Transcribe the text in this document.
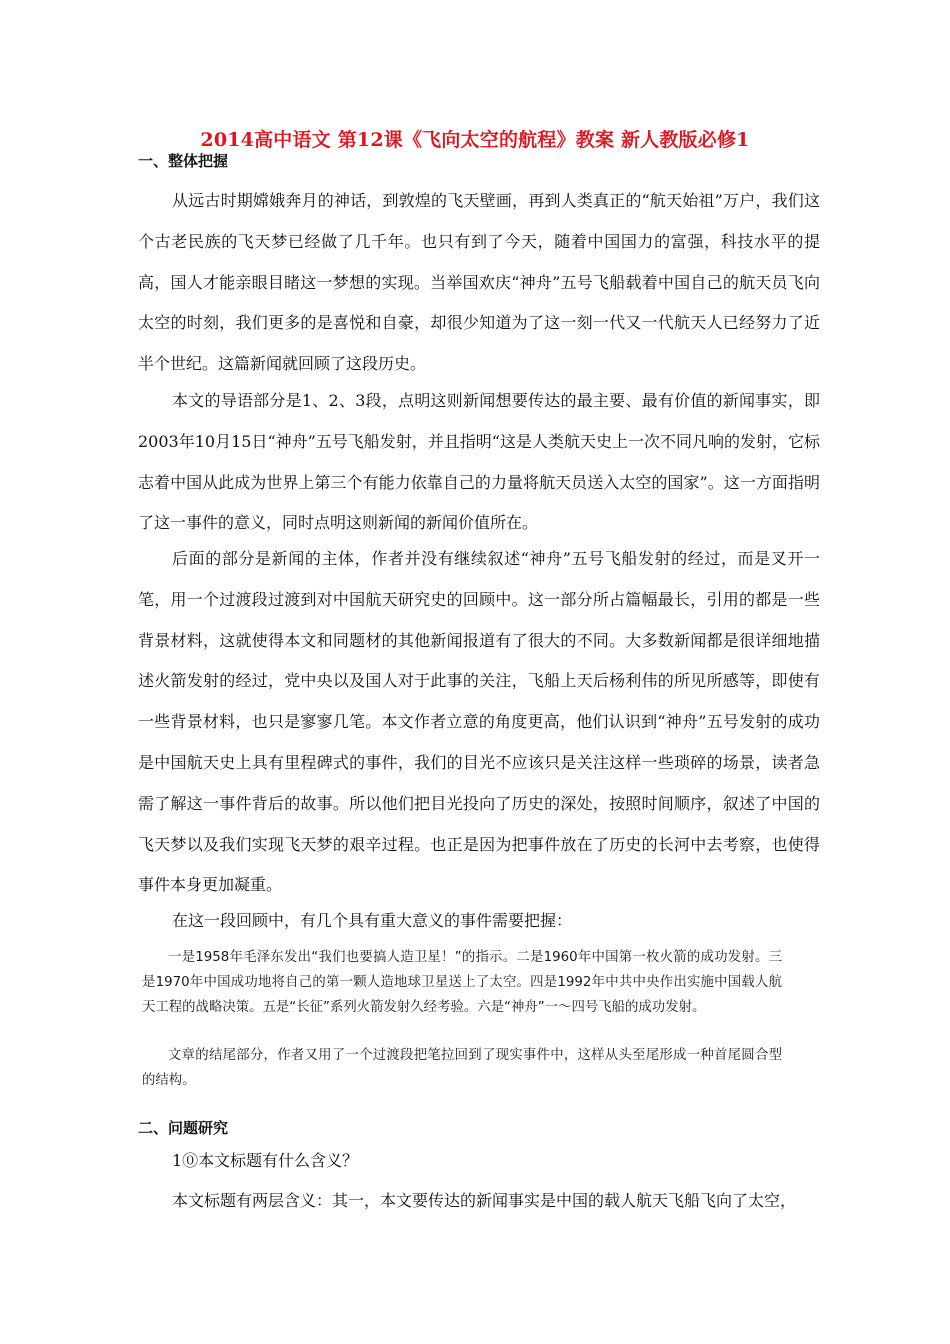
2014高中语文 第12课《飞向太空的航程》教案 新人教版必修1
一、整体把握

从远古时期嫦娥奔月的神话，到敦煌的飞天壁画，再到人类真正的“航天始祖”万户，我们这个古老民族的飞天梦已经做了几千年。也只有到了今天，随着中国国力的富强，科技水平的提高，国人才能亲眼目睹这一梦想的实现。当举国欢庆“神舟”五号飞船载着中国自己的航天员飞向太空的时刻，我们更多的是喜悦和自豪，却很少知道为了这一刻一代又一代航天人已经努力了近半个世纪。这篇新闻就回顾了这段历史。

本文的导语部分是1、2、3段，点明这则新闻想要传达的最主要、最有价值的新闻事实，即2003年10月15日“神舟”五号飞船发射，并且指明“这是人类航天史上一次不同凡响的发射，它标志着中国从此成为世界上第三个有能力依靠自己的力量将航天员送入太空的国家”。这一方面指明了这一事件的意义，同时点明这则新闻的新闻价值所在。

后面的部分是新闻的主体，作者并没有继续叙述“神舟”五号飞船发射的经过，而是叉开一笔，用一个过渡段过渡到对中国航天研究史的回顾中。这一部分所占篇幅最长，引用的都是一些背景材料，这就使得本文和同题材的其他新闻报道有了很大的不同。大多数新闻都是很详细地描述火箭发射的经过，党中央以及国人对于此事的关注，飞船上天后杨利伟的所见所感等，即使有一些背景材料，也只是寥寥几笔。本文作者立意的角度更高，他们认识到“神舟”五号发射的成功是中国航天史上具有里程碑式的事件，我们的目光不应该只是关注这样一些琐碎的场景，读者急需了解这一事件背后的故事。所以他们把目光投向了历史的深处，按照时间顺序，叙述了中国的飞天梦以及我们实现飞天梦的艰辛过程。也正是因为把事件放在了历史的长河中去考察，也使得事件本身更加凝重。

在这一段回顾中，有几个具有重大意义的事件需要把握：

一是1958年毛泽东发出“我们也要搞人造卫星！”的指示。二是1960年中国第一枚火箭的成功发射。三是1970年中国成功地将自己的第一颗人造地球卫星送上了太空。四是1992年中共中央作出实施中国载人航天工程的战略决策。五是“长征”系列火箭发射久经考验。六是“神舟”一～四号飞船的成功发射。

文章的结尾部分，作者又用了一个过渡段把笔拉回到了现实事件中，这样从头至尾形成一种首尾圆合型的结构。

二、问题研究

1⓪本文标题有什么含义？

本文标题有两层含义：其一，本文要传达的新闻事实是中国的载人航天飞船飞向了太空，
